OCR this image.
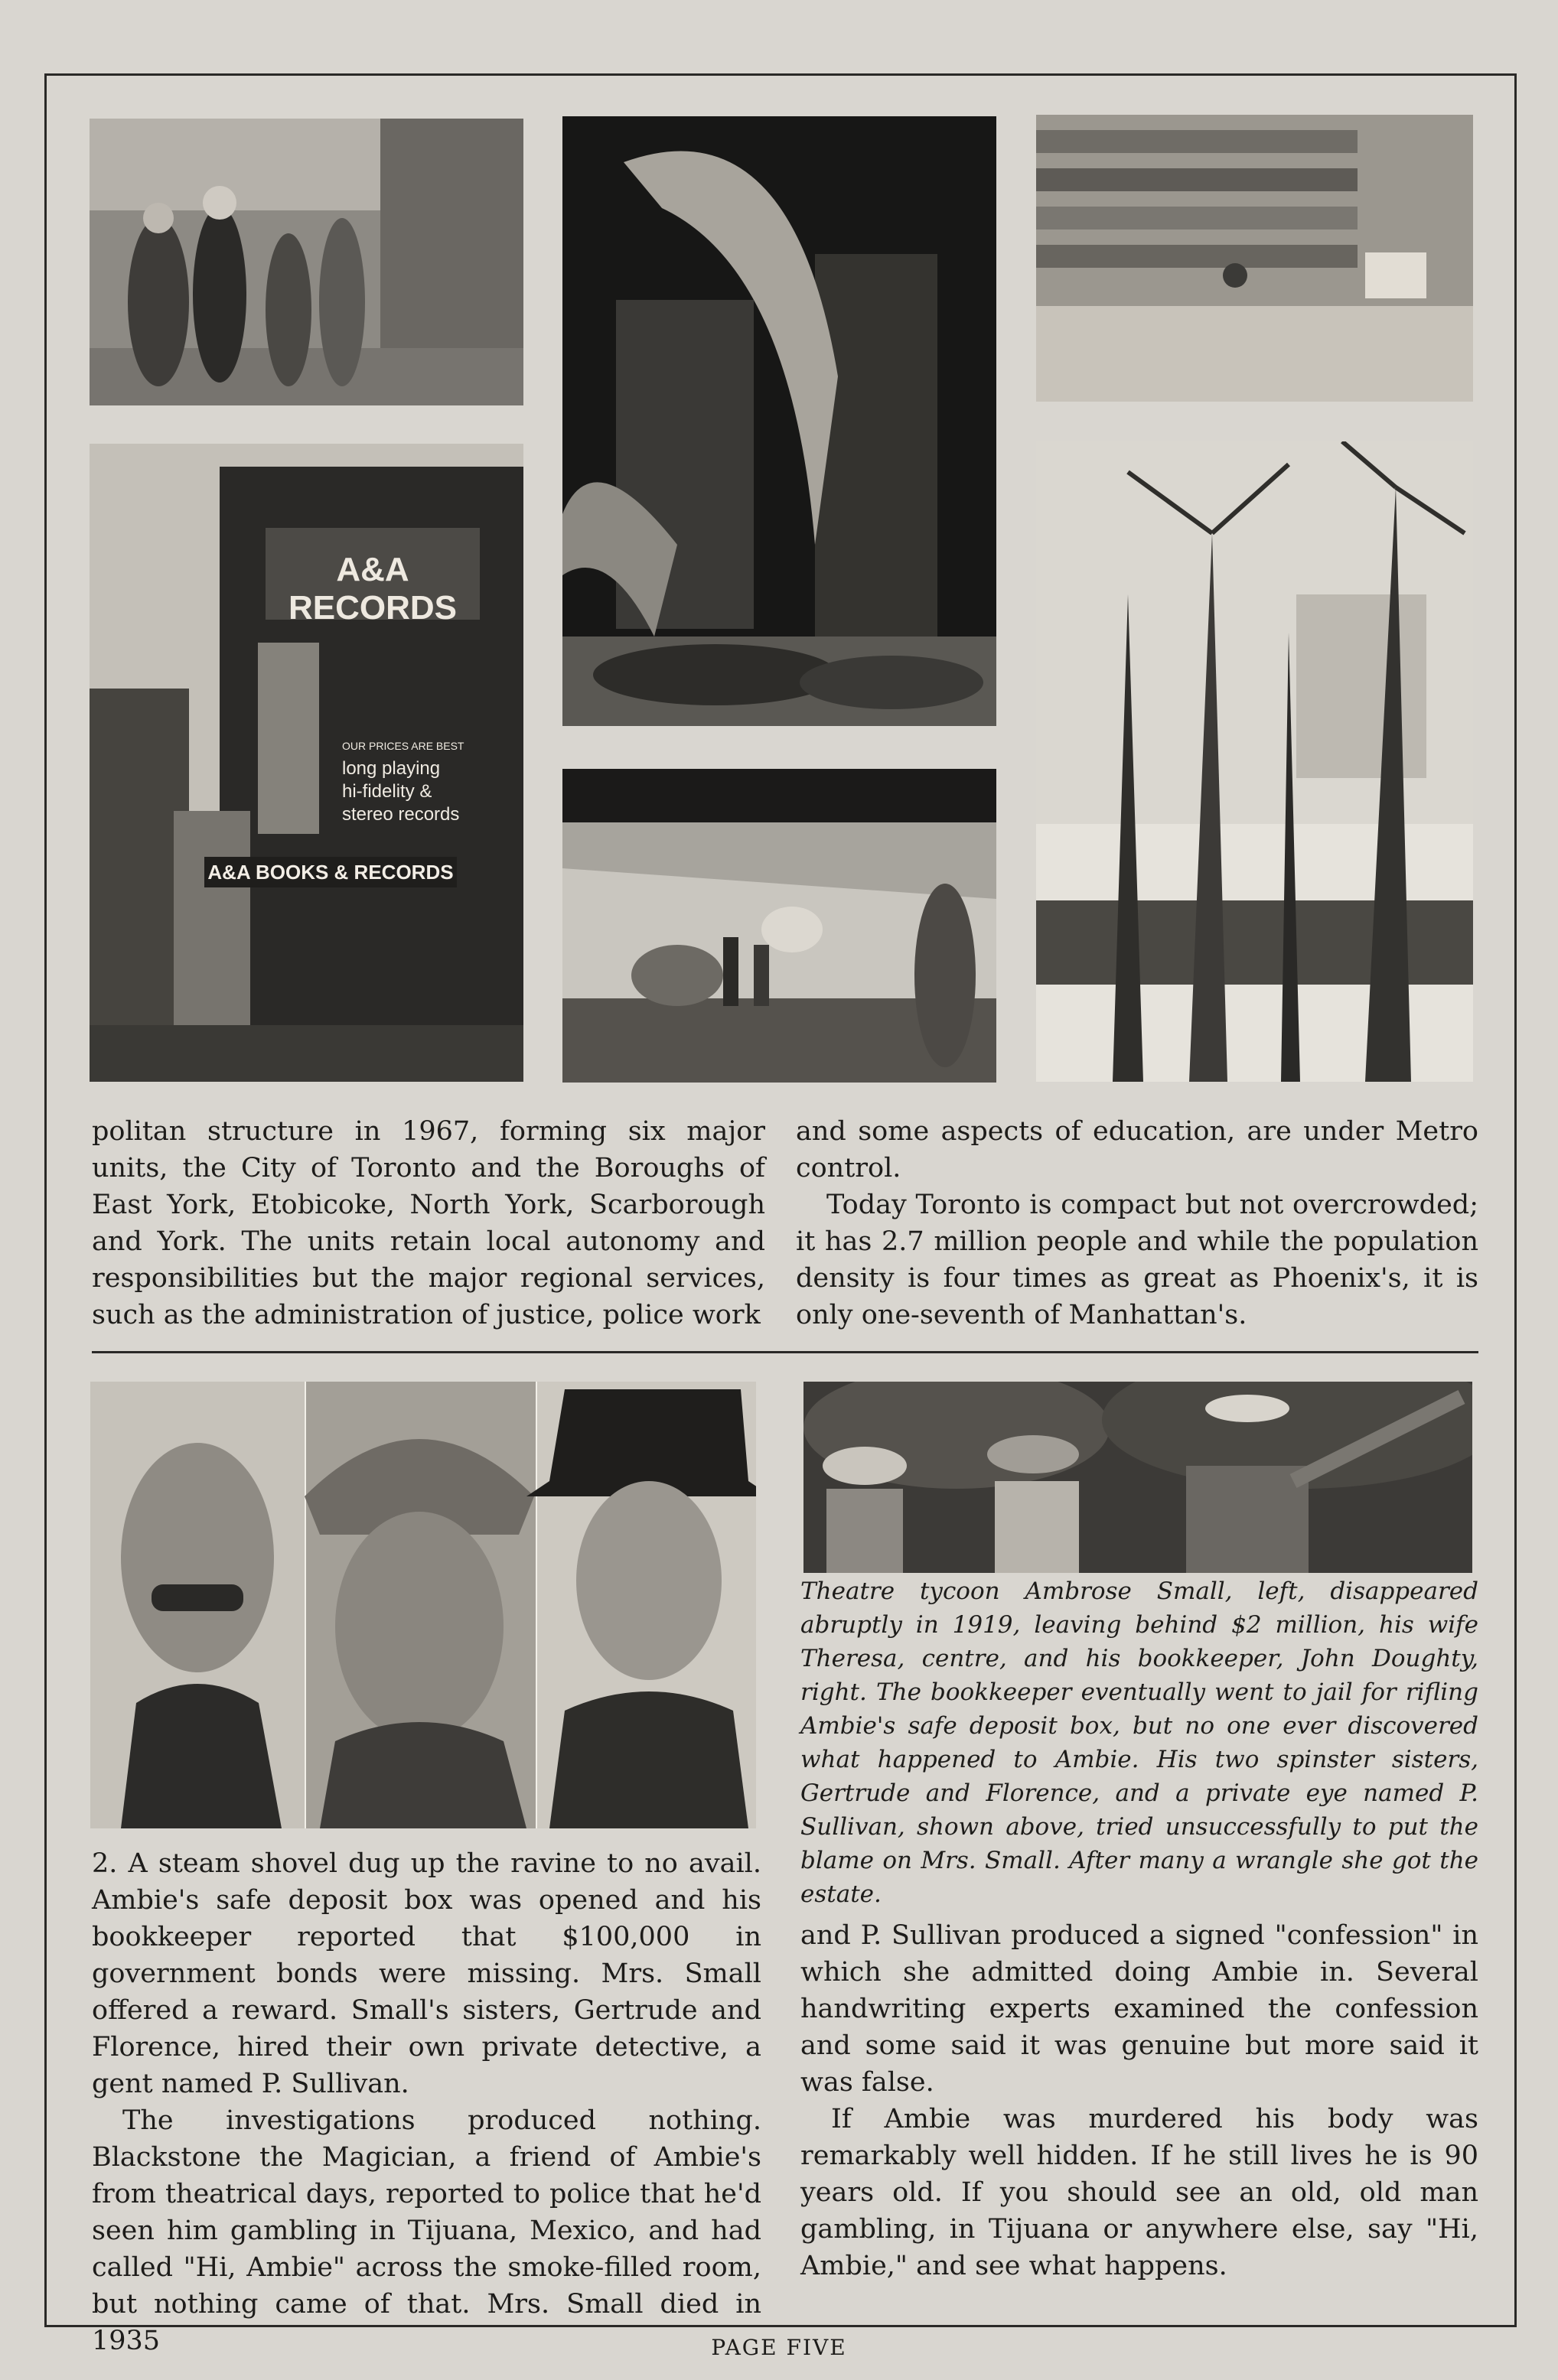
A&A RECORDS
OUR PRICES ARE BEST
long playing
hi-fidelity &
stereo records
A&A BOOKS & RECORDS

politan structure in 1967, forming six major units, the City of Toronto and the Boroughs of East York, Etobicoke, North York, Scarborough and York. The units retain local autonomy and responsibilities but the major regional services, such as the administration of justice, police work

and some aspects of education, are under Metro control.

Today Toronto is compact but not overcrowded; it has 2.7 million people and while the population density is four times as great as Phoenix's, it is only one-seventh of Manhattan's.

Theatre tycoon Ambrose Small, left, disappeared abruptly in 1919, leaving behind $2 million, his wife Theresa, centre, and his bookkeeper, John Doughty, right. The bookkeeper eventually went to jail for rifling Ambie's safe deposit box, but no one ever discovered what happened to Ambie. His two spinster sisters, Gertrude and Florence, and a private eye named P. Sullivan, shown above, tried unsuccessfully to put the blame on Mrs. Small. After many a wrangle she got the estate.

2. A steam shovel dug up the ravine to no avail. Ambie's safe deposit box was opened and his bookkeeper reported that $100,000 in government bonds were missing. Mrs. Small offered a reward. Small's sisters, Gertrude and Florence, hired their own private detective, a gent named P. Sullivan.

The investigations produced nothing. Blackstone the Magician, a friend of Ambie's from theatrical days, reported to police that he'd seen him gambling in Tijuana, Mexico, and had called "Hi, Ambie" across the smoke-filled room, but nothing came of that. Mrs. Small died in 1935

and P. Sullivan produced a signed "confession" in which she admitted doing Ambie in. Several handwriting experts examined the confession and some said it was genuine but more said it was false.

If Ambie was murdered his body was remarkably well hidden. If he still lives he is 90 years old. If you should see an old, old man gambling, in Tijuana or anywhere else, say "Hi, Ambie," and see what happens.

PAGE FIVE
